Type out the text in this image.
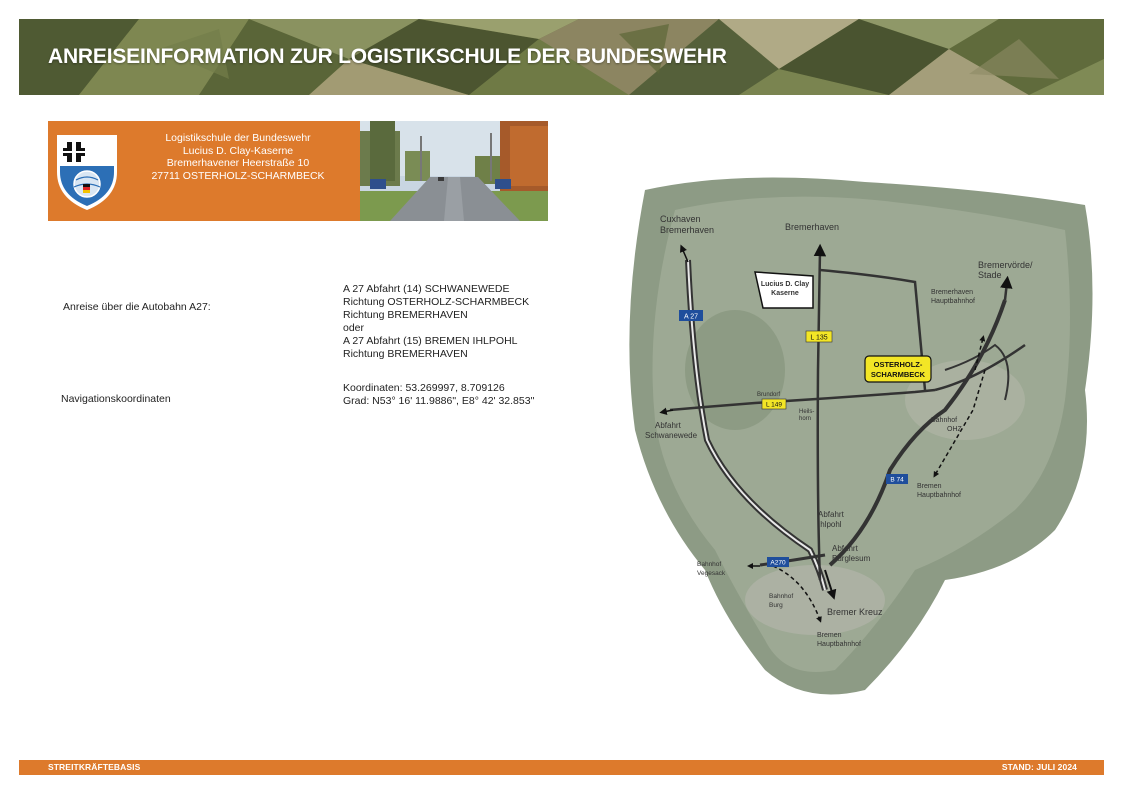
ANREISEINFORMATION ZUR LOGISTIKSCHULE DER BUNDESWEHR
Logistikschule der Bundeswehr
Lucius D. Clay-Kaserne
Bremerhavener Heerstraße 10
27711 OSTERHOLZ-SCHARMBECK
Anreise über die Autobahn A27:
A 27 Abfahrt (14) SCHWANEWEDE
Richtung OSTERHOLZ-SCHARMBECK
Richtung BREMERHAVEN
oder
A 27 Abfahrt (15) BREMEN IHLPOHL
Richtung BREMERHAVEN
Navigationskoordinaten
Koordinaten: 53.269997, 8.709126
Grad: N53° 16' 11.9886", E8° 42' 32.853"
Cuxhaven
Bremerhaven	Bremerhaven
Bremervörde/
Stade
Lucius D. Clay
Kaserne
A 27
L 135
Bremerhaven
Hauptbahnhof
OSTERHOLZ-
SCHARMBECK
Brundorf
L 149
Heils-
horn
Abfahrt
Schwanewede
Bahnhof
OHZ
B 74
Bremen
Hauptbahnhof
Abfahrt
Ihlpohl
Abfahrt
Burglesum
A270
Bahnhof
Vegesack
Bahnhof
Burg
Bremer Kreuz
Bremen
Hauptbahnhof
STREITKRÄFTEBASIS	STAND: JULI 2024
